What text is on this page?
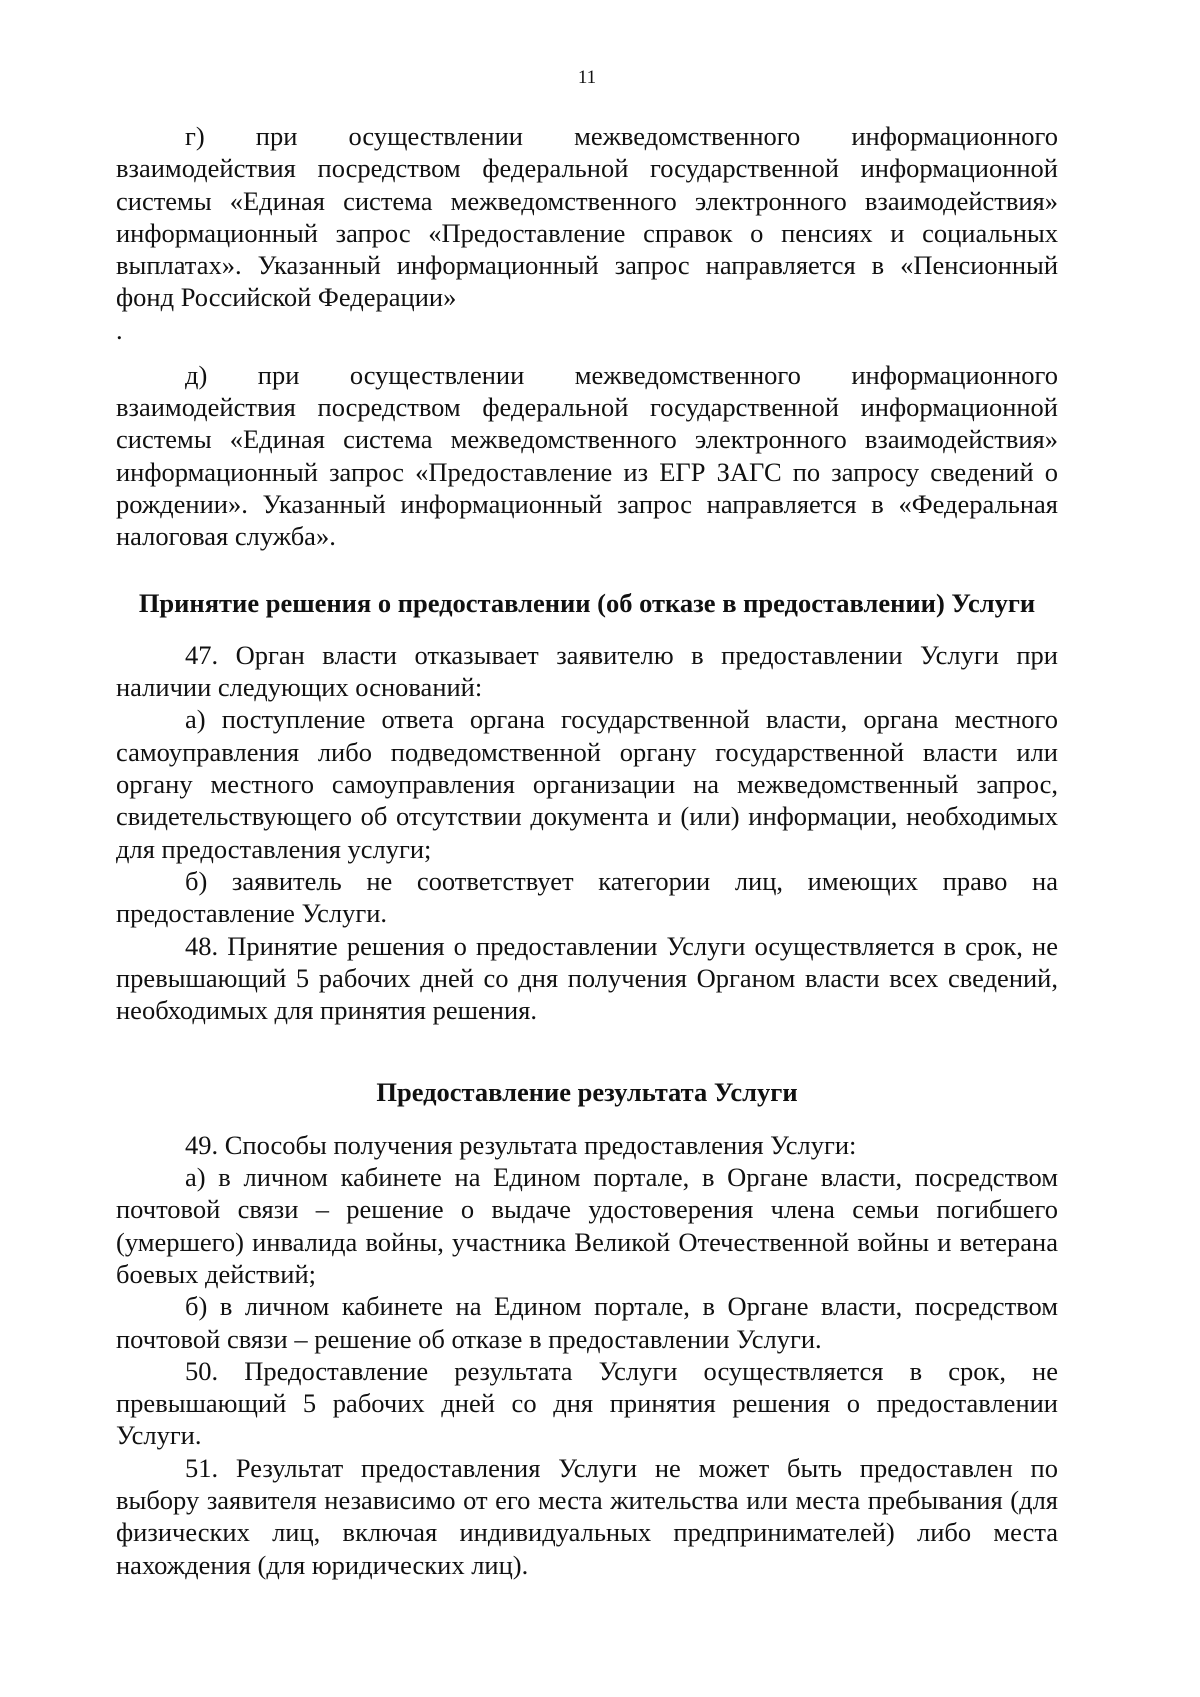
11

г) при осуществлении межведомственного информационного взаимодействия посредством федеральной государственной информационной системы «Единая система межведомственного электронного взаимодействия» информационный запрос «Предоставление справок о пенсиях и социальных выплатах». Указанный информационный запрос направляется в «Пенсионный фонд Российской Федерации»

.

д) при осуществлении межведомственного информационного взаимодействия посредством федеральной государственной информационной системы «Единая система межведомственного электронного взаимодействия» информационный запрос «Предоставление из ЕГР ЗАГС по запросу сведений о рождении». Указанный информационный запрос направляется в «Федеральная налоговая служба».

Принятие решения о предоставлении (об отказе в предоставлении) Услуги

47. Орган власти отказывает заявителю в предоставлении Услуги при наличии следующих оснований:

а) поступление ответа органа государственной власти, органа местного самоуправления либо подведомственной органу государственной власти или органу местного самоуправления организации на межведомственный запрос, свидетельствующего об отсутствии документа и (или) информации, необходимых для предоставления услуги;

б) заявитель не соответствует категории лиц, имеющих право на предоставление Услуги.

48. Принятие решения о предоставлении Услуги осуществляется в срок, не превышающий 5 рабочих дней со дня получения Органом власти всех сведений, необходимых для принятия решения.

Предоставление результата Услуги

49. Способы получения результата предоставления Услуги:

а) в личном кабинете на Едином портале, в Органе власти, посредством почтовой связи – решение о выдаче удостоверения члена семьи погибшего (умершего) инвалида войны, участника Великой Отечественной войны и ветерана боевых действий;

б) в личном кабинете на Едином портале, в Органе власти, посредством почтовой связи – решение об отказе в предоставлении Услуги.

50. Предоставление результата Услуги осуществляется в срок, не превышающий 5 рабочих дней со дня принятия решения о предоставлении Услуги.

51. Результат предоставления Услуги не может быть предоставлен по выбору заявителя независимо от его места жительства или места пребывания (для физических лиц, включая индивидуальных предпринимателей) либо места нахождения (для юридических лиц).
